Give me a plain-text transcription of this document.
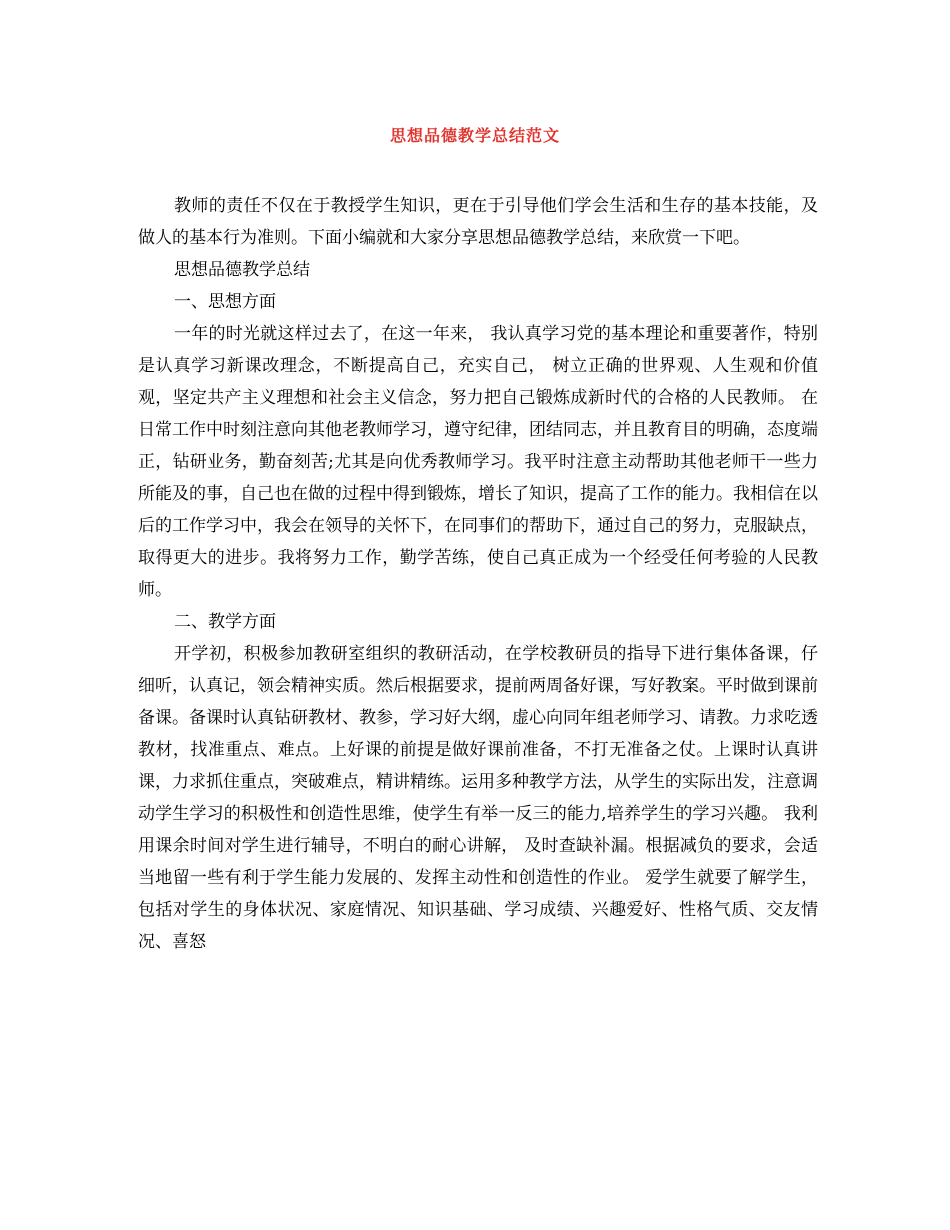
思想品德教学总结范文

教师的责任不仅在于教授学生知识，更在于引导他们学会生活和生存的基本技能，及做人的基本行为准则。下面小编就和大家分享思想品德教学总结，来欣赏一下吧。

思想品德教学总结

一、思想方面

一年的时光就这样过去了，在这一年来， 我认真学习党的基本理论和重要著作，特别是认真学习新课改理念，不断提高自己，充实自己， 树立正确的世界观、人生观和价值观，坚定共产主义理想和社会主义信念，努力把自己锻炼成新时代的合格的人民教师。 在日常工作中时刻注意向其他老教师学习，遵守纪律，团结同志，并且教育目的明确，态度端正，钻研业务，勤奋刻苦;尤其是向优秀教师学习。我平时注意主动帮助其他老师干一些力所能及的事，自己也在做的过程中得到锻炼，增长了知识，提高了工作的能力。我相信在以后的工作学习中，我会在领导的关怀下，在同事们的帮助下，通过自己的努力，克服缺点，取得更大的进步。我将努力工作，勤学苦练，使自己真正成为一个经受任何考验的人民教师。

二、教学方面

开学初，积极参加教研室组织的教研活动，在学校教研员的指导下进行集体备课，仔细听，认真记，领会精神实质。然后根据要求，提前两周备好课，写好教案。平时做到课前备课。备课时认真钻研教材、教参，学习好大纲，虚心向同年组老师学习、请教。力求吃透教材，找准重点、难点。上好课的前提是做好课前准备，不打无准备之仗。上课时认真讲课，力求抓住重点，突破难点，精讲精练。运用多种教学方法，从学生的实际出发，注意调动学生学习的积极性和创造性思维，使学生有举一反三的能力,培养学生的学习兴趣。 我利用课余时间对学生进行辅导，不明白的耐心讲解， 及时查缺补漏。根据减负的要求，会适当地留一些有利于学生能力发展的、发挥主动性和创造性的作业。 爱学生就要了解学生，包括对学生的身体状况、家庭情况、知识基础、学习成绩、兴趣爱好、性格气质、交友情况、喜怒
